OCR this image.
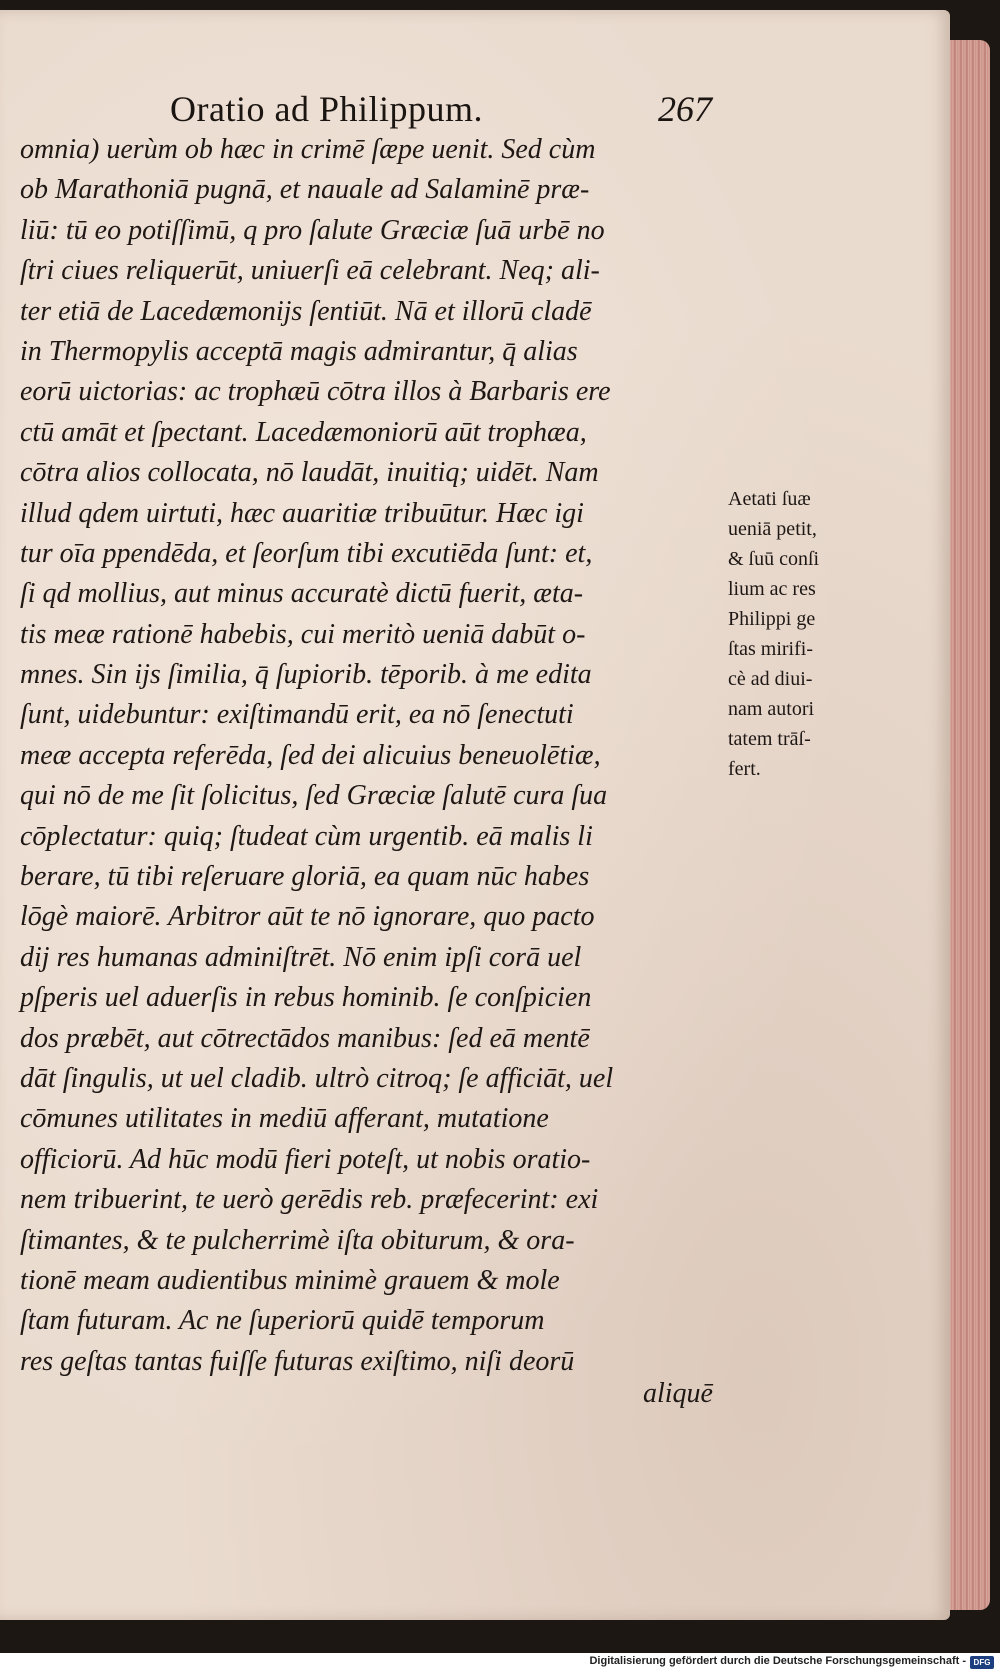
Oratio ad Philippum.	267
omnia) uerùm ob hæc in crimē ſæpe uenit. Sed cùm
ob Marathoniā pugnā, et nauale ad Salaminē præ-
liū: tū eo potiſſimū, q pro ſalute Græciæ ſuā urbē no
ſtri ciues reliquerūt, uniuerſi eā celebrant. Neq; ali-
ter etiā de Lacedæmonijs ſentiūt. Nā et illorū cladē
in Thermopylis acceptā magis admirantur, q̄ alias
eorū uictorias: ac trophæū cōtra illos à Barbaris ere
ctū amāt et ſpectant. Lacedæmoniorū aūt trophæa,
cōtra alios collocata, nō laudāt, inuitiq; uidēt. Nam
illud qdem uirtuti, hæc auaritiæ tribuūtur. Hæc igi
tur oīa ppendēda, et ſeorſum tibi excutiēda ſunt: et,
ſi qd mollius, aut minus accuratè dictū fuerit, æta-
tis meæ rationē habebis, cui meritò ueniā dabūt o-
mnes. Sin ijs ſimilia, q̄ ſupiorib. tēporib. à me edita
ſunt, uidebuntur: exiſtimandū erit, ea nō ſenectuti
meæ accepta referēda, ſed dei alicuius beneuolētiæ,
qui nō de me ſit ſolicitus, ſed Græciæ ſalutē cura ſua
cōplectatur: quiq; ſtudeat cùm urgentib. eā malis li
berare, tū tibi reſeruare gloriā, ea quam nūc habes
lōgè maiorē. Arbitror aūt te nō ignorare, quo pacto
dij res humanas adminiſtrēt. Nō enim ipſi corā uel
pſperis uel aduerſis in rebus hominib. ſe conſpicien
dos præbēt, aut cōtrectādos manibus: ſed eā mentē
dāt ſingulis, ut uel cladib. ultrò citroq; ſe afficiāt, uel
cōmunes utilitates in mediū afferant, mutatione
officiorū. Ad hūc modū fieri poteſt, ut nobis oratio-
nem tribuerint, te uerò gerēdis reb. præfecerint: exi
ſtimantes, & te pulcherrimè iſta obiturum, & ora-
tionē meam audientibus minimè grauem & mole
ſtam futuram. Ac ne ſuperiorū quidē temporum
res geſtas tantas fuiſſe futuras exiſtimo, niſi deorū
aliquē
Aetati ſuæ
ueniā petit,
& ſuū conſi
lium ac res
Philippi ge
ſtas mirifi-
cè ad diui-
nam autori
tatem trāſ-
fert.
Digitalisierung gefördert durch die Deutsche Forschungsgemeinschaft - DFG
